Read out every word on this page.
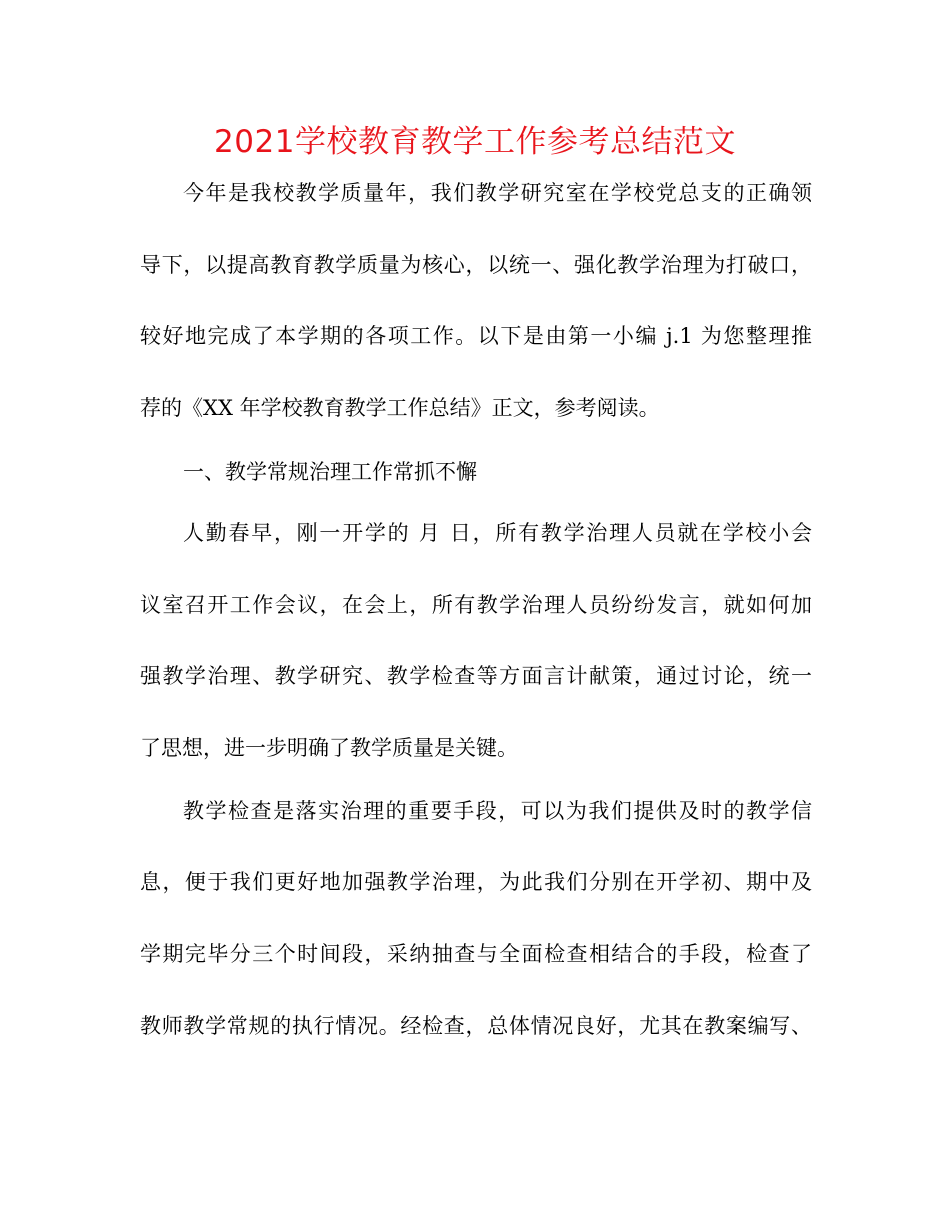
2021学校教育教学工作参考总结范文
今年是我校教学质量年，我们教学研究室在学校党总支的正确领
导下，以提高教育教学质量为核心，以统一、强化教学治理为打破口，
较好地完成了本学期的各项工作。以下是由第一小编 j.1 为您整理推
荐的《XX 年学校教育教学工作总结》正文，参考阅读。
一、教学常规治理工作常抓不懈
人勤春早，刚一开学的 月 日，所有教学治理人员就在学校小会
议室召开工作会议，在会上，所有教学治理人员纷纷发言，就如何加
强教学治理、教学研究、教学检查等方面言计献策，通过讨论，统一
了思想，进一步明确了教学质量是关键。
教学检查是落实治理的重要手段，可以为我们提供及时的教学信
息，便于我们更好地加强教学治理，为此我们分别在开学初、期中及
学期完毕分三个时间段，采纳抽查与全面检查相结合的手段，检查了
教师教学常规的执行情况。经检查，总体情况良好，尤其在教案编写、
